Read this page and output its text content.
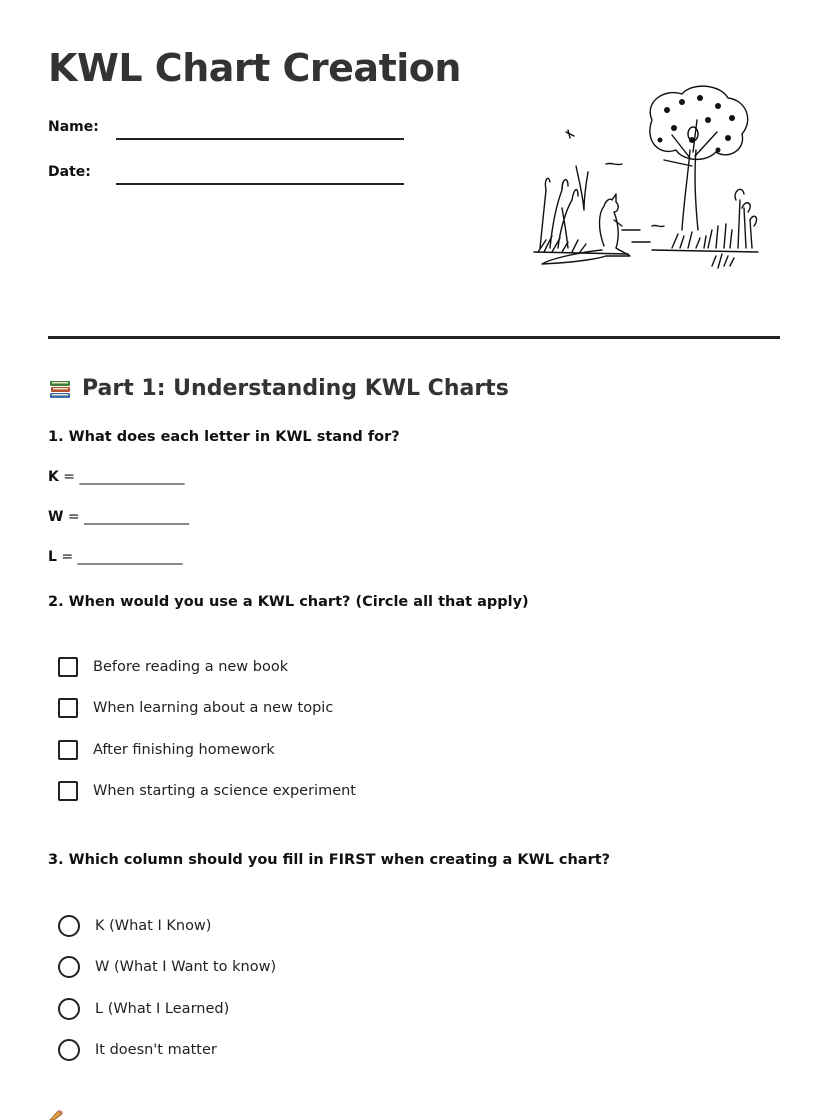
KWL Chart Creation
Name:
Date:
Part 1: Understanding KWL Charts
1. What does each letter in KWL stand for?
K = _______________
W = _______________
L = _______________
2. When would you use a KWL chart? (Circle all that apply)
Before reading a new book
When learning about a new topic
After finishing homework
When starting a science experiment
3. Which column should you fill in FIRST when creating a KWL chart?
K (What I Know)
W (What I Want to know)
L (What I Learned)
It doesn't matter
